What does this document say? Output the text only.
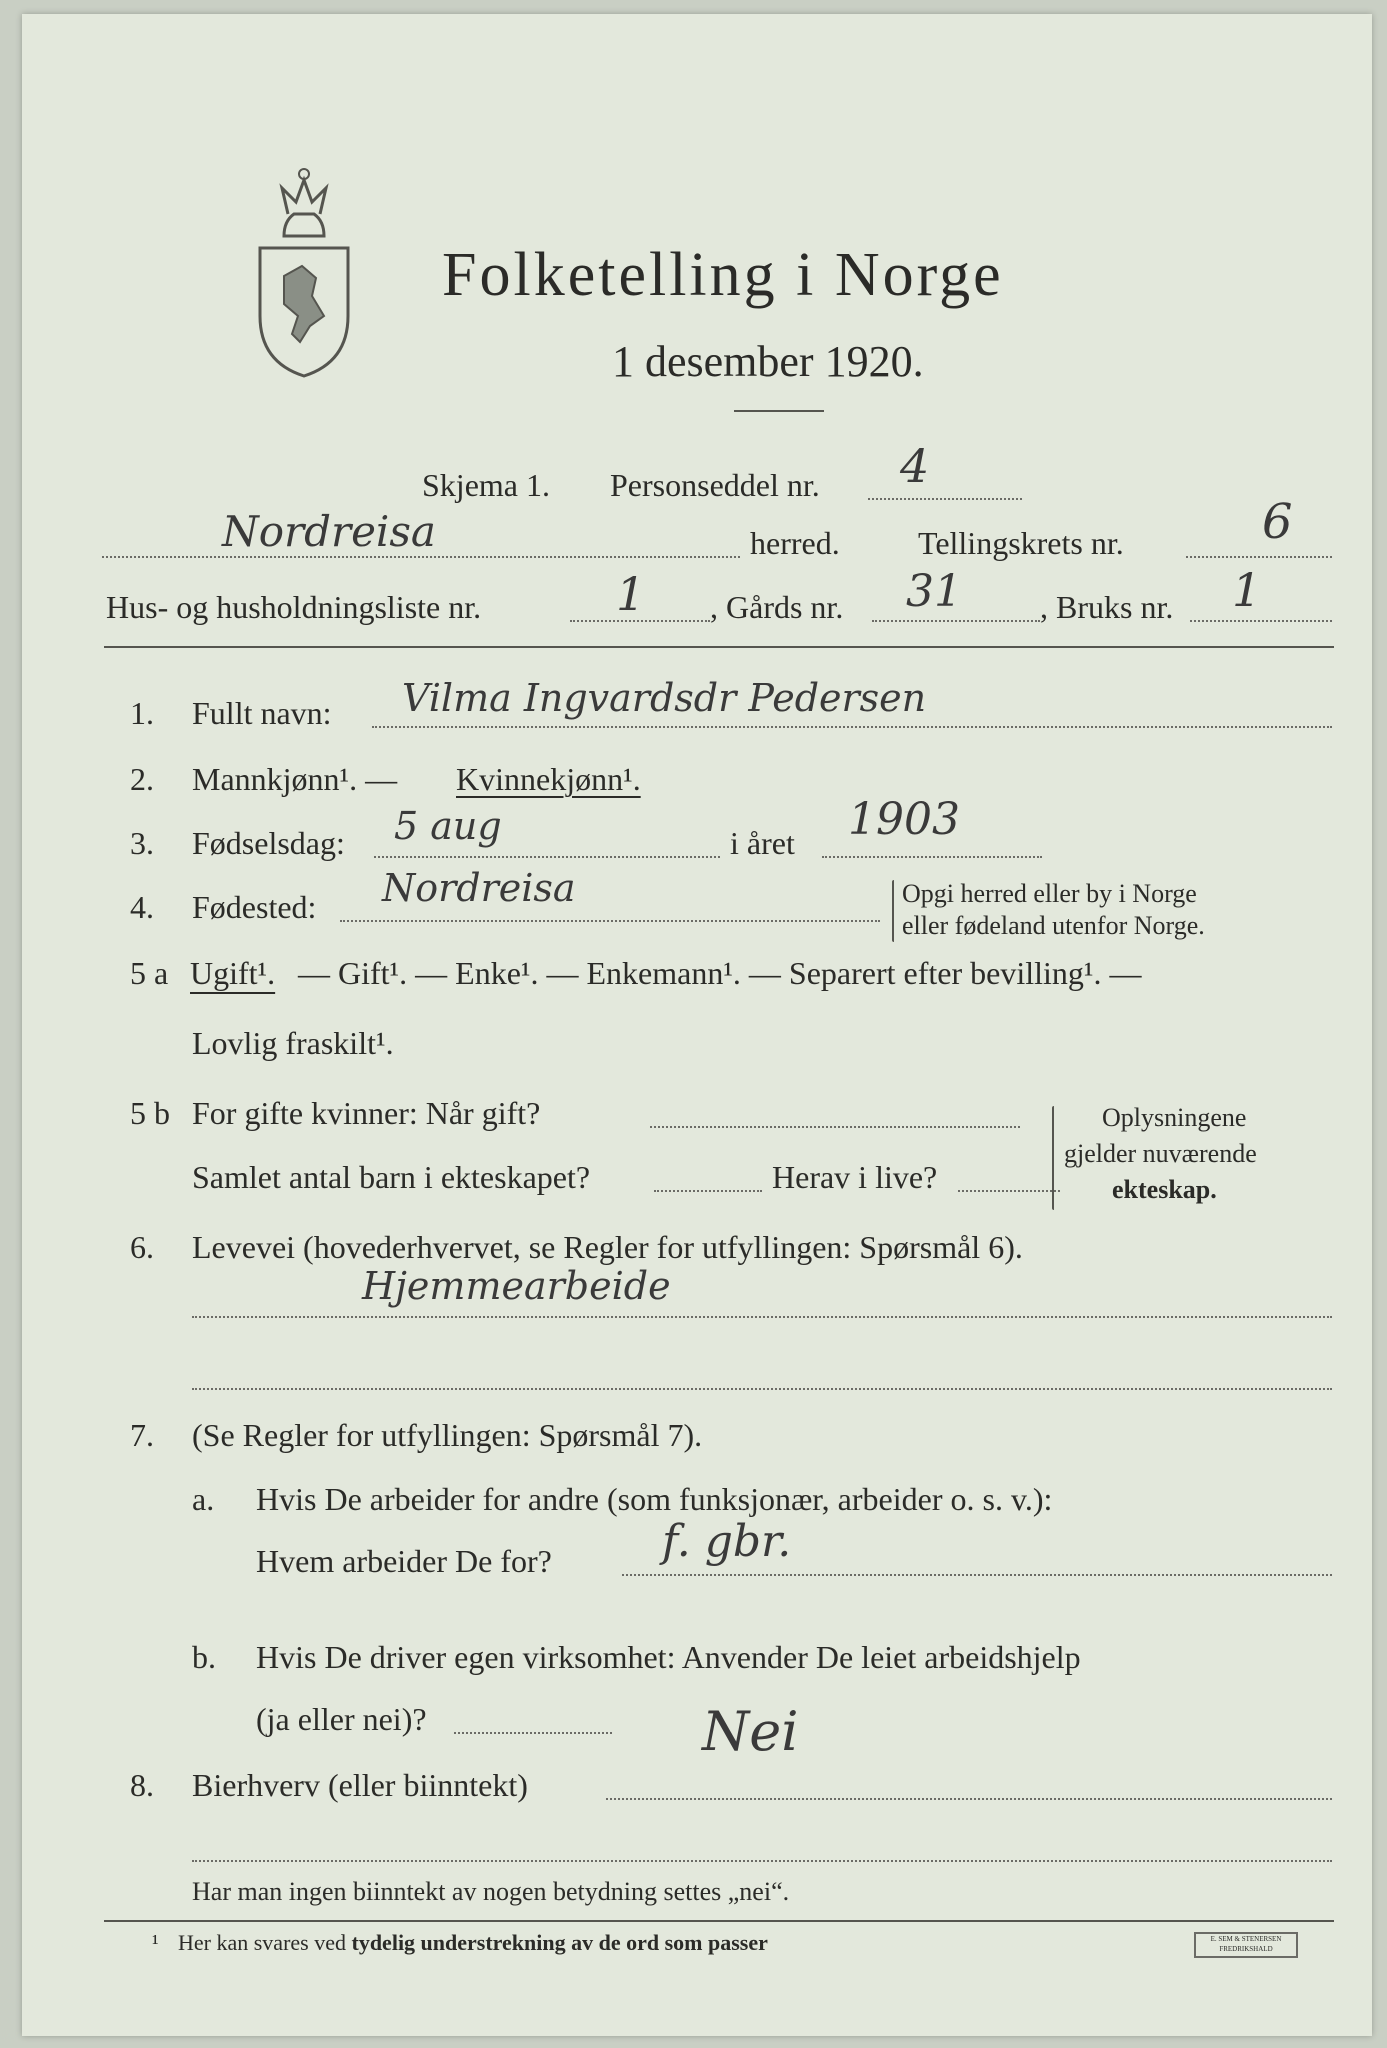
Folketelling i Norge
1 desember 1920.
Skjema 1. Personseddel nr. 4
Nordreisa	herred. Tellingskrets nr.	6
Hus- og husholdningsliste nr.	1 , Gårds nr. 31 , Bruks nr. 1
1. Fullt navn: Vilma Ingvardsdr Pedersen
2. Mannkjønn¹. — Kvinnekjønn¹.
3. Fødselsdag: 5 aug	i året 1903
4. Fødested: Nordreisa	Opgi herred eller by i Norge
eller fødeland utenfor Norge.
5 a Ugift¹. — Gift¹. — Enke¹. — Enkemann¹. — Separert efter bevilling¹. —
Lovlig fraskilt¹.
5 b For gifte kvinner: Når gift?
Samlet antal barn i ekteskapet?	Herav i live?
Oplysningene
gjelder nuværende
ekteskap.
6. Levevei (hovederhvervet, se Regler for utfyllingen: Spørsmål 6).
Hjemmearbeide
7. (Se Regler for utfyllingen: Spørsmål 7).
a. Hvis De arbeider for andre (som funksjonær, arbeider o. s. v.):
Hvem arbeider De for?	f. gbr.
b. Hvis De driver egen virksomhet: Anvender De leiet arbeidshjelp
(ja eller nei)?	Nei
8. Bierhverv (eller biinntekt)
Har man ingen biinntekt av nogen betydning settes „nei“.
¹ Her kan svares ved tydelig understrekning av de ord som passer	E. SEM & STENERSEN FREDRIKSHALD
